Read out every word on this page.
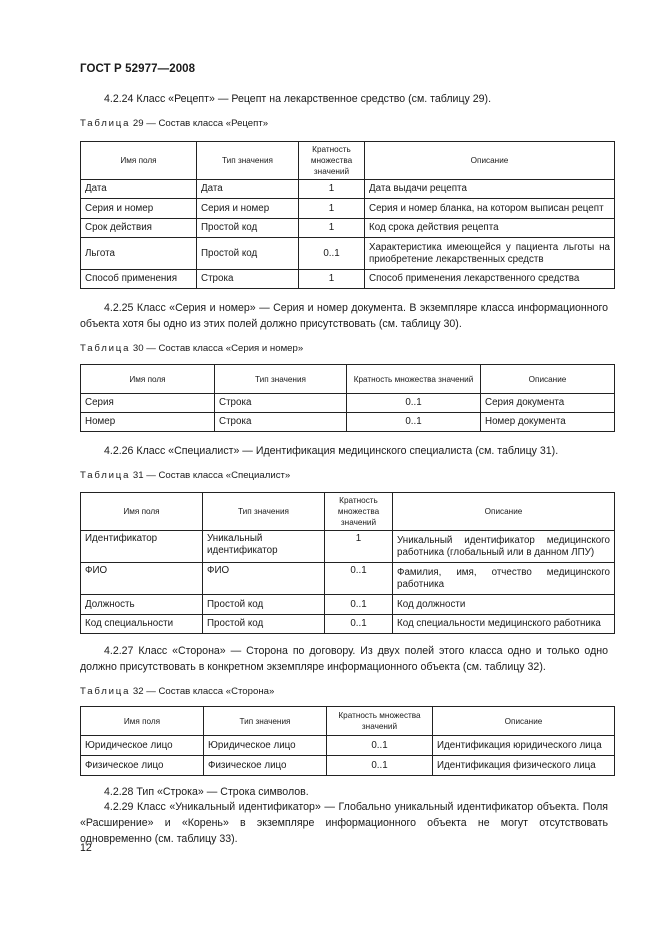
ГОСТ Р 52977—2008
4.2.24 Класс «Рецепт» — Рецепт на лекарственное средство (см. таблицу 29).
Таблица 29 — Состав класса «Рецепт»
Имя поля	Тип значения	Кратность множества значений	Описание
Дата	Дата	1	Дата выдачи рецепта
Серия и номер	Серия и номер	1	Серия и номер бланка, на котором выписан рецепт
Срок действия	Простой код	1	Код срока действия рецепта
Льгота	Простой код	0..1	Характеристика имеющейся у пациента льготы на приобретение лекарственных средств
Способ применения	Строка	1	Способ применения лекарственного средства
4.2.25 Класс «Серия и номер» — Серия и номер документа. В экземпляре класса информационного объекта хотя бы одно из этих полей должно присутствовать (см. таблицу 30).
Таблица 30 — Состав класса «Серия и номер»
Имя поля	Тип значения	Кратность множества значений	Описание
Серия	Строка	0..1	Серия документа
Номер	Строка	0..1	Номер документа
4.2.26 Класс «Специалист» — Идентификация медицинского специалиста (см. таблицу 31).
Таблица 31 — Состав класса «Специалист»
Имя поля	Тип значения	Кратность множества значений	Описание
Идентификатор	Уникальный идентификатор	1	Уникальный идентификатор медицинского работника (глобальный или в данном ЛПУ)
ФИО	ФИО	0..1	Фамилия, имя, отчество медицинского работника
Должность	Простой код	0..1	Код должности
Код специальности	Простой код	0..1	Код специальности медицинского работника
4.2.27 Класс «Сторона» — Сторона по договору. Из двух полей этого класса одно и только одно должно присутствовать в конкретном экземпляре информационного объекта (см. таблицу 32).
Таблица 32 — Состав класса «Сторона»
Имя поля	Тип значения	Кратность множества значений	Описание
Юридическое лицо	Юридическое лицо	0..1	Идентификация юридического лица
Физическое лицо	Физическое лицо	0..1	Идентификация физического лица
4.2.28 Тип «Строка» — Строка символов.
4.2.29 Класс «Уникальный идентификатор» — Глобально уникальный идентификатор объекта. Поля «Расширение» и «Корень» в экземпляре информационного объекта не могут отсутствовать одновременно (см. таблицу 33).
12
